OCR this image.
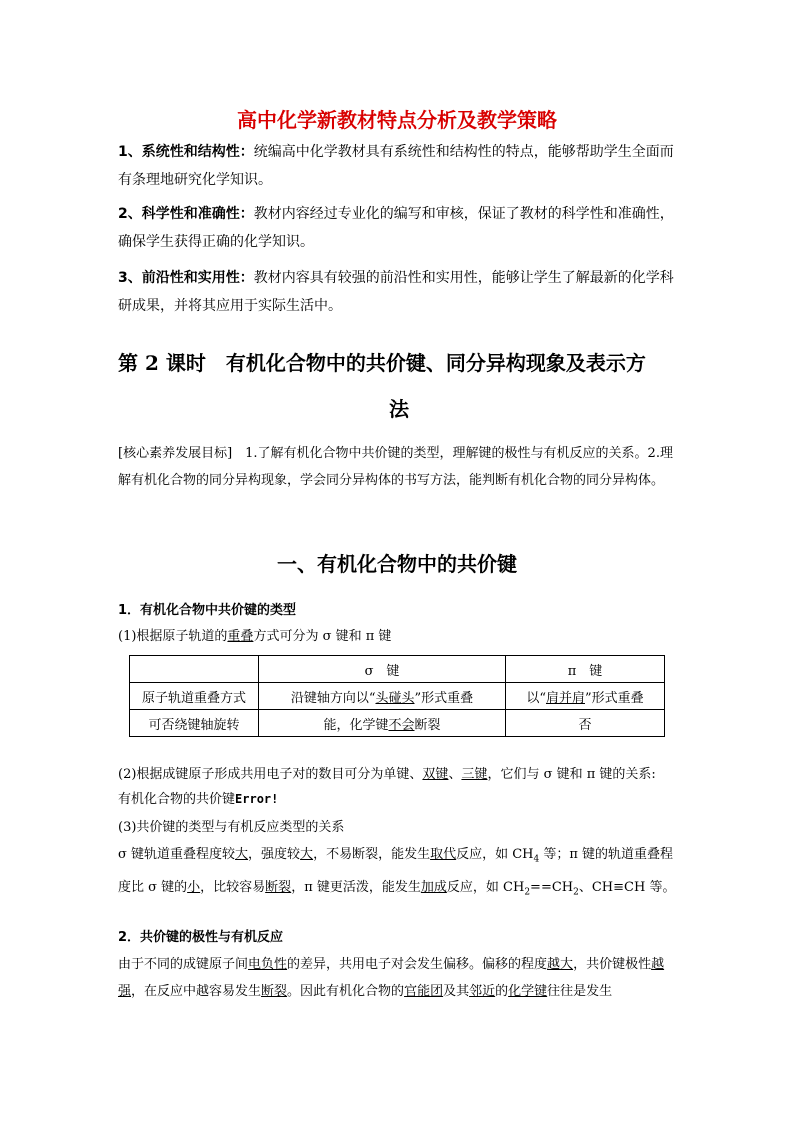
高中化学新教材特点分析及教学策略
1、系统性和结构性：统编高中化学教材具有系统性和结构性的特点，能够帮助学生全面而有条理地研究化学知识。
2、科学性和准确性：教材内容经过专业化的编写和审核，保证了教材的科学性和准确性，确保学生获得正确的化学知识。
3、前沿性和实用性：教材内容具有较强的前沿性和实用性，能够让学生了解最新的化学科研成果，并将其应用于实际生活中。
第 2 课时　有机化合物中的共价键、同分异构现象及表示方
法
[核心素养发展目标]　1.了解有机化合物中共价键的类型，理解键的极性与有机反应的关系。2.理解有机化合物的同分异构现象，学会同分异构体的书写方法，能判断有机化合物的同分异构体。
一、有机化合物中的共价键
1．有机化合物中共价键的类型
(1)根据原子轨道的重叠方式可分为 σ 键和 π 键
	σ　键	π　键
原子轨道重叠方式	沿键轴方向以“头碰头”形式重叠	以“肩并肩”形式重叠
可否绕键轴旋转	能，化学键不会断裂	否
(2)根据成键原子形成共用电子对的数目可分为单键、双键、三键，它们与 σ 键和 π 键的关系:
有机化合物的共价键Error!
(3)共价键的类型与有机反应类型的关系
σ 键轨道重叠程度较大，强度较大，不易断裂，能发生取代反应，如 $CH_4$ 等；π 键的轨道重叠程度比 σ 键的小，比较容易断裂，π 键更活泼，能发生加成反应，如 $CH_2==CH_2$、CH≡CH 等。
2．共价键的极性与有机反应
由于不同的成键原子间电负性的差异，共用电子对会发生偏移。偏移的程度越大，共价键极性越强，在反应中越容易发生断裂。因此有机化合物的官能团及其邻近的化学键往往是发生
